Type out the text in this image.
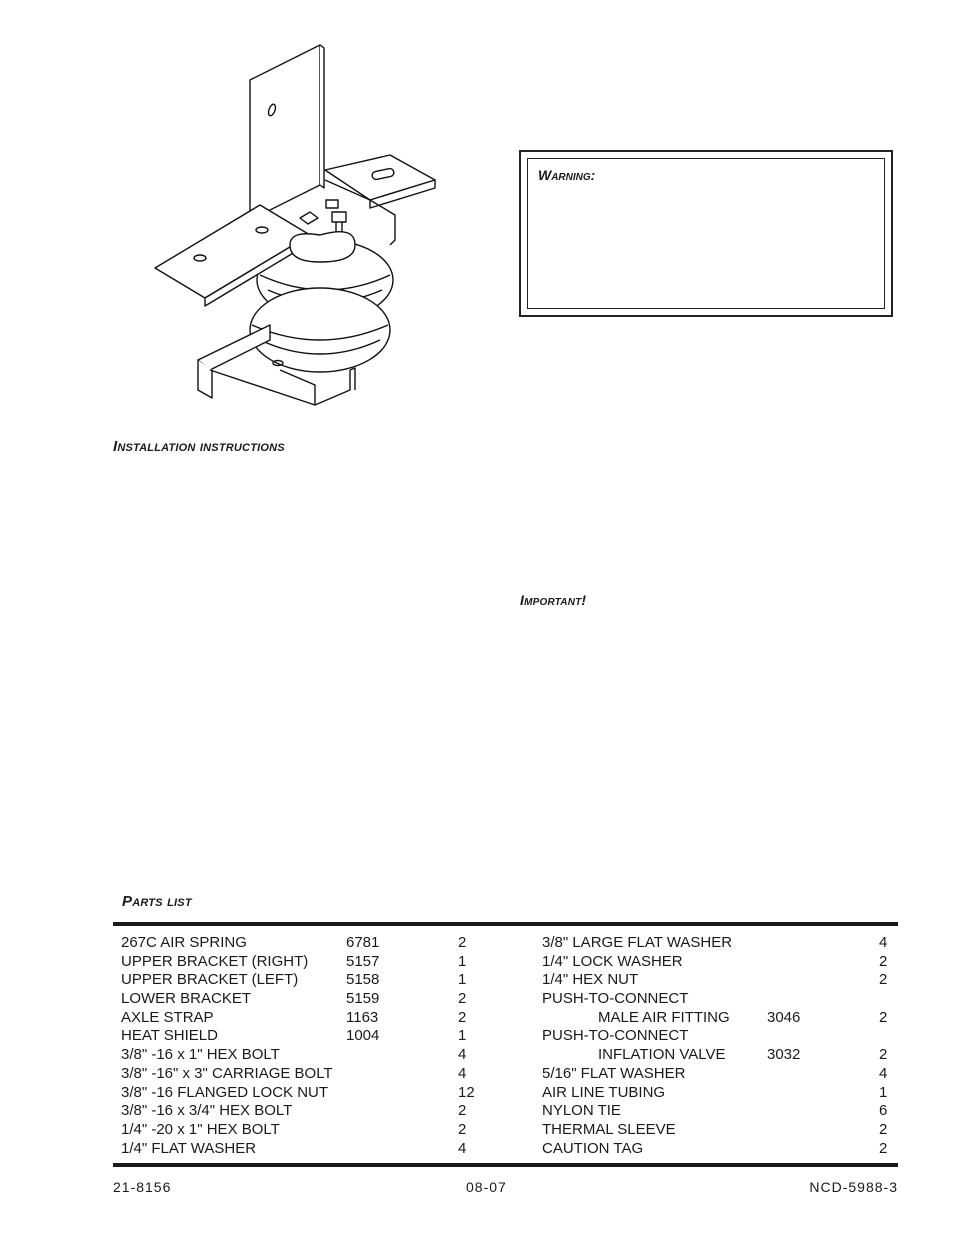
Installation instructions
Warning:
Important!
Parts list
267C AIR SPRING	6781	2
UPPER BRACKET (RIGHT)	5157	1
UPPER BRACKET (LEFT)	5158	1
LOWER BRACKET	5159	2
AXLE STRAP	1163	2
HEAT SHIELD	1004	1
3/8" -16 x 1" HEX BOLT	4
3/8" -16" x 3" CARRIAGE BOLT	4
3/8" -16 FLANGED LOCK NUT	12
3/8" -16 x 3/4" HEX BOLT	2
1/4" -20 x 1" HEX BOLT	2
1/4" FLAT WASHER	4
3/8" LARGE FLAT WASHER	4
1/4" LOCK WASHER	2
1/4" HEX NUT	2
PUSH-TO-CONNECT
MALE AIR FITTING 3046	2
PUSH-TO-CONNECT
INFLATION VALVE	3032	2
5/16" FLAT WASHER	4
AIR LINE TUBING	1
NYLON TIE	6
THERMAL SLEEVE	2
CAUTION TAG	2
21-8156	08-07	NCD-5988-3
